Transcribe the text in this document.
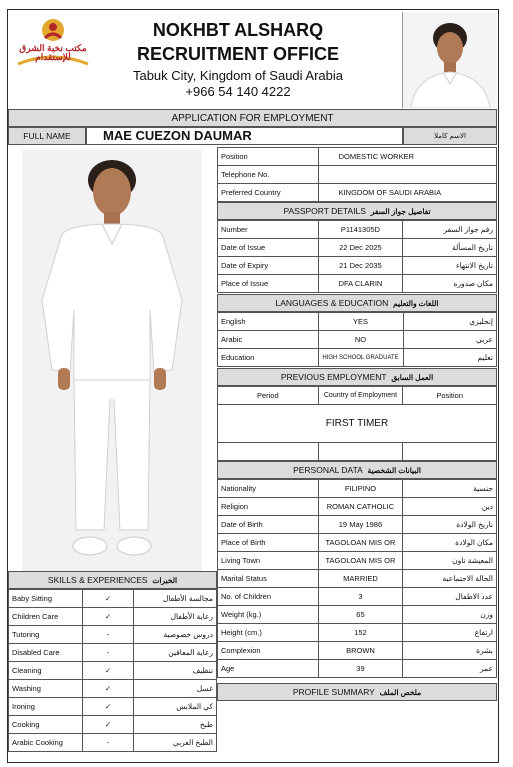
مكتب نخبة الشرق للإستقدام
NOKHBT ALSHARQ
RECRUITMENT OFFICE
Tabuk City, Kingdom of Saudi Arabia
+966 54 140 4222
APPLICATION FOR EMPLOYMENT
FULL NAME	MAE CUEZON DAUMAR	الاسم كاملا
Position	DOMESTIC WORKER
Telephone No.	
Preferred Country	KINGDOM OF SAUDI ARABIA
PASSPORT DETAILS
تفاصيل جواز السفر
Number	P1141305D	رقم جواز السفر
Date of Issue	22 Dec 2025	تاريخ المسألة
Date of Expiry	21 Dec 2035	تاريخ الانتهاء
Place of Issue	DFA CLARIN	مكان صدوره
LANGUAGES & EDUCATION
اللغات والتعليم
English	YES	إنجليزي
Arabic	NO	عربي
Education	HIGH SCHOOL GRADUATE	تعليم
PREVIOUS EMPLOYMENT
العمل السابق
Period	Country of Employment	Position
FIRST TIMER		

PERSONAL DATA
البيانات الشخصية
Nationality	FILIPINO	جنسية
Religion	ROMAN CATHOLIC	دين
Date of Birth	19 May 1986	تاريخ الولادة
Place of Birth	TAGOLOAN MIS OR	مكان الولادة
Living Town	TAGOLOAN MIS OR	المعيشة تاون
Marital Status	MARRIED	الحالة الاجتماعية
No. of Children	3	عدد الاطفال
Weight (kg.)	65	وزن
Height (cm.)	152	ارتفاع
Complexion	BROWN	بشرة
Age	39	عمر
PROFILE SUMMARY
ملخص الملف
SKILLS & EXPERIENCES
الخبرات
Baby Sitting	✓	مجالسة الأطفال
Children Care	✓	رعاية الأطفال
Tutoring	-	دروس خصوصية
Disabled Care	-	رعاية المعاقين
Cleaning	✓	تنظيف
Washing	✓	غسل
Ironing	✓	كي الملابس
Cooking	✓	طبخ
Arabic Cooking	-	الطبخ العربي
